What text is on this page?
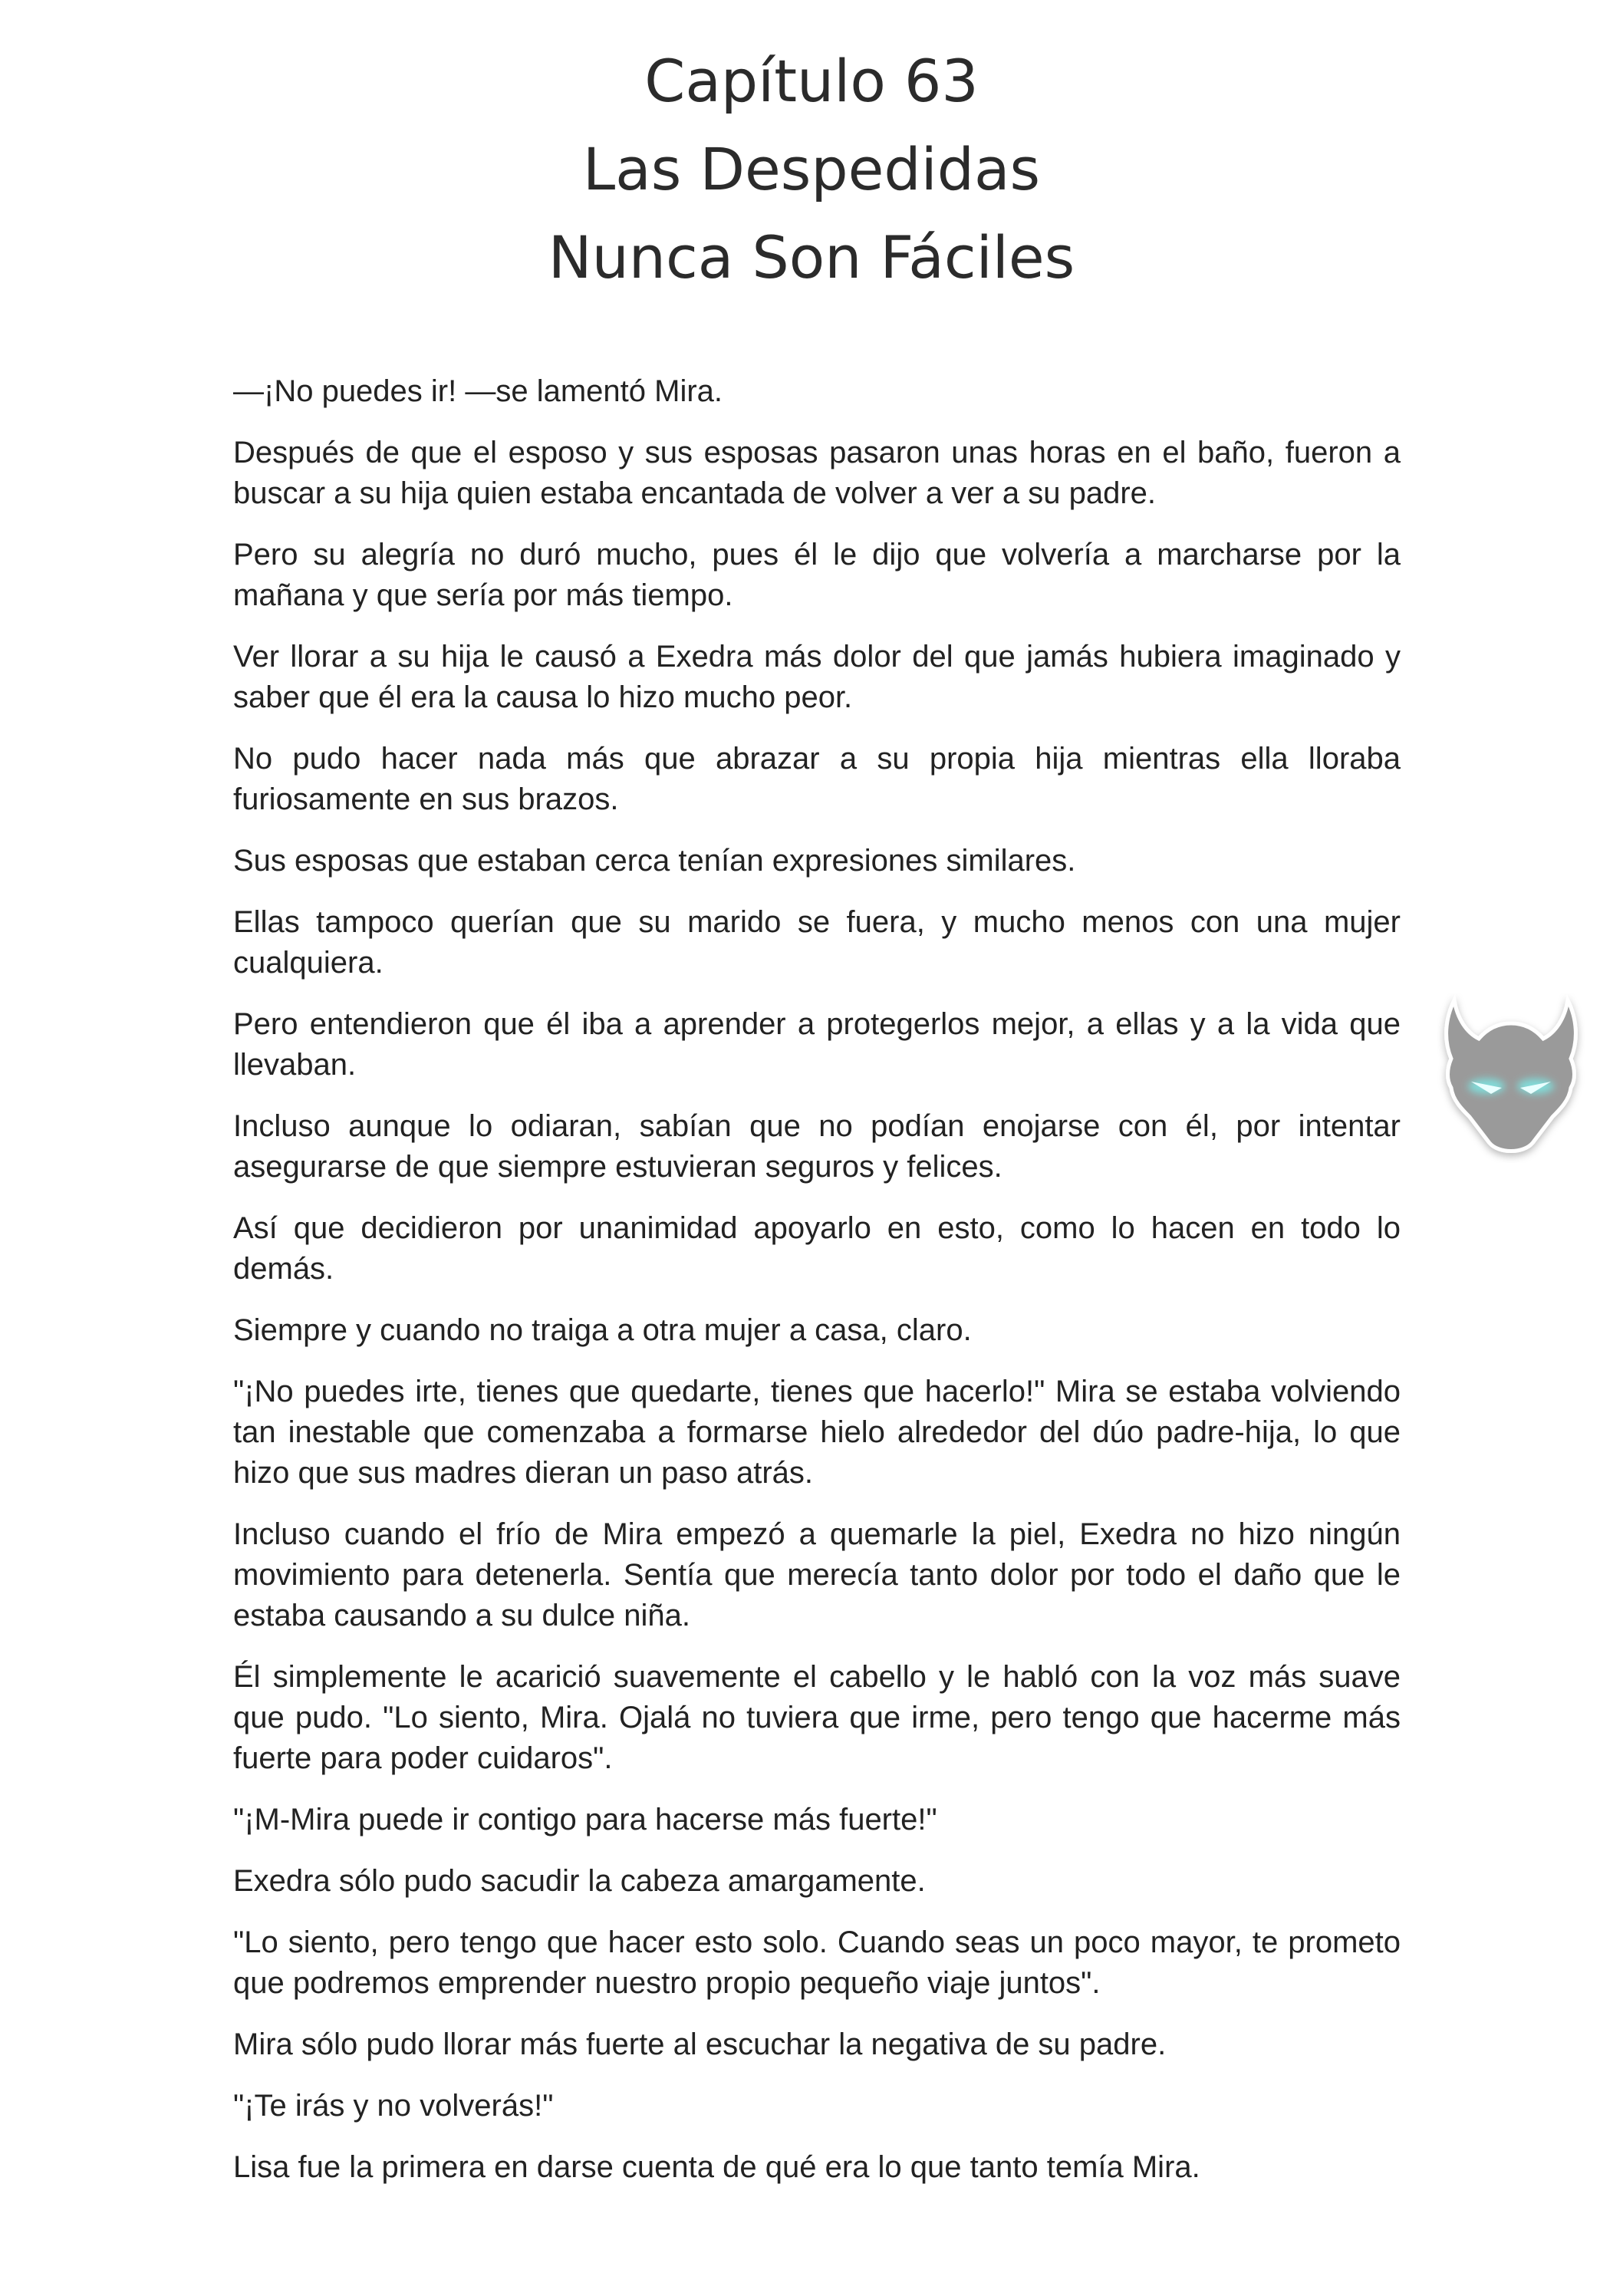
Capítulo 63
Las Despedidas
Nunca Son Fáciles

—¡No puedes ir! —se lamentó Mira.

Después de que el esposo y sus esposas pasaron unas horas en el baño, fueron a buscar a su hija quien estaba encantada de volver a ver a su padre.

Pero su alegría no duró mucho, pues él le dijo que volvería a marcharse por la mañana y que sería por más tiempo.

Ver llorar a su hija le causó a Exedra más dolor del que jamás hubiera imaginado y saber que él era la causa lo hizo mucho peor.

No pudo hacer nada más que abrazar a su propia hija mientras ella lloraba furiosamente en sus brazos.

Sus esposas que estaban cerca tenían expresiones similares.

Ellas tampoco querían que su marido se fuera, y mucho menos con una mujer cualquiera.

Pero entendieron que él iba a aprender a protegerlos mejor, a ellas y a la vida que llevaban.

Incluso aunque lo odiaran, sabían que no podían enojarse con él, por intentar asegurarse de que siempre estuvieran seguros y felices.

Así que decidieron por unanimidad apoyarlo en esto, como lo hacen en todo lo demás.

Siempre y cuando no traiga a otra mujer a casa, claro.

"¡No puedes irte, tienes que quedarte, tienes que hacerlo!" Mira se estaba volviendo tan inestable que comenzaba a formarse hielo alrededor del dúo padre-hija, lo que hizo que sus madres dieran un paso atrás.

Incluso cuando el frío de Mira empezó a quemarle la piel, Exedra no hizo ningún movimiento para detenerla. Sentía que merecía tanto dolor por todo el daño que le estaba causando a su dulce niña.

Él simplemente le acarició suavemente el cabello y le habló con la voz más suave que pudo. "Lo siento, Mira. Ojalá no tuviera que irme, pero tengo que hacerme más fuerte para poder cuidaros".

"¡M-Mira puede ir contigo para hacerse más fuerte!"

Exedra sólo pudo sacudir la cabeza amargamente.

"Lo siento, pero tengo que hacer esto solo. Cuando seas un poco mayor, te prometo que podremos emprender nuestro propio pequeño viaje juntos".

Mira sólo pudo llorar más fuerte al escuchar la negativa de su padre.

"¡Te irás y no volverás!"

Lisa fue la primera en darse cuenta de qué era lo que tanto temía Mira.
